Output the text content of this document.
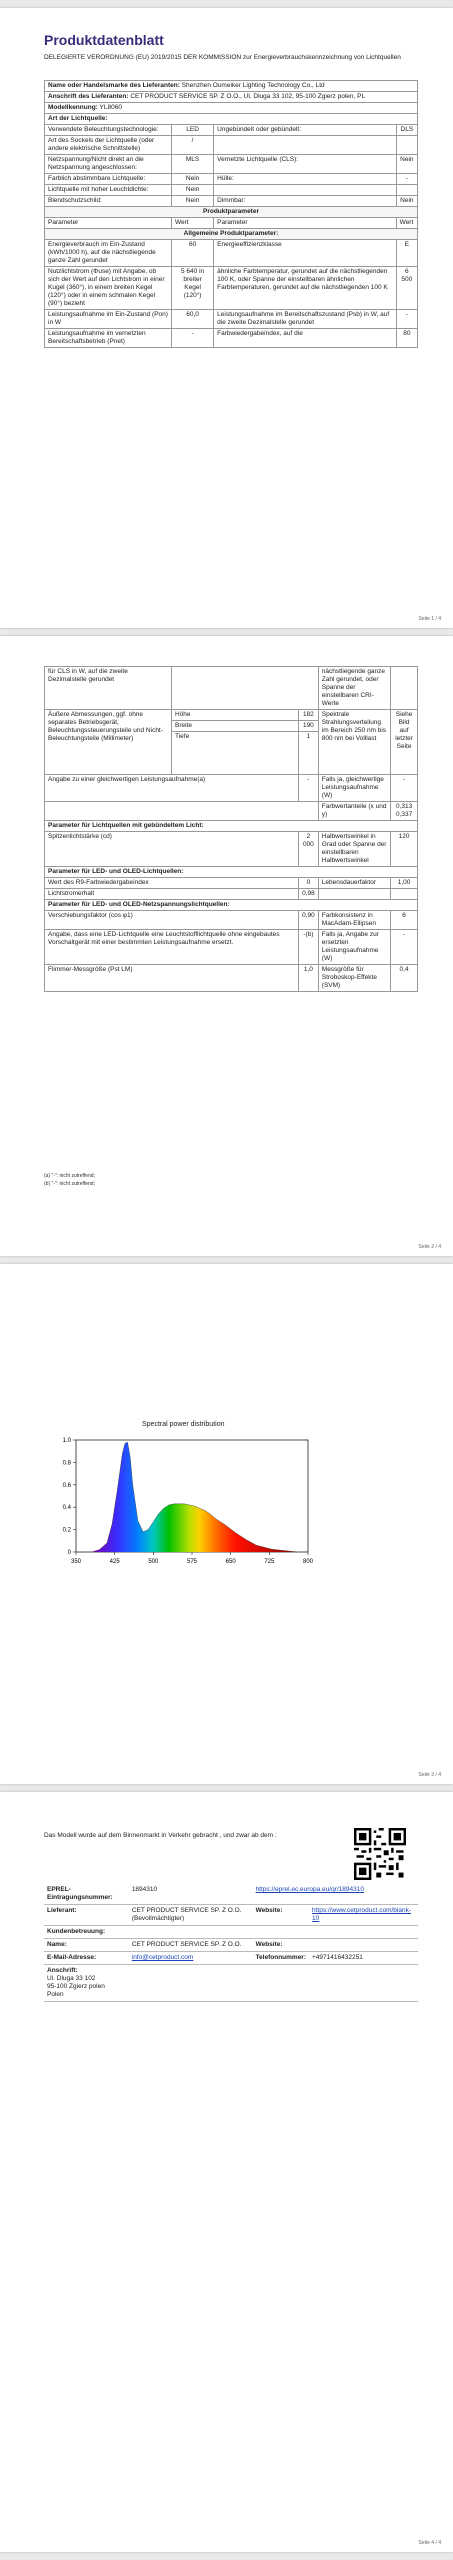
Produktdatenblatt
DELEGIERTE VERORDNUNG (EU) 2019/2015 DER KOMMISSION zur Energieverbrauchskennzeichnung von Lichtquellen
Name oder Handelsmarke des Lieferanten: Shenzhen Oumeiker Lighting Technology Co., Ltd			
Anschrift des Lieferanten: CET PRODUCT SERVICE SP. Z O.O., Ul. Dluga 33 102, 95-100 Zgierz polen, PL			
Modellkennung: YL8060			
Art der Lichtquelle:			
Verwendete Beleuchtungstechnologie:	LED	Ungebündelt oder gebündelt:	DLS
Art des Sockels der Lichtquelle (oder andere elektrische Schnittstelle)	/		
Netzspannung/Nicht direkt an die Netzspannung angeschlossen:	MLS	Vernetzte Lichtquelle (CLS):	Nein
Farblich abstimmbare Lichtquelle:	Nein	Hülle:	-
Lichtquelle mit hoher Leuchtdichte:	Nein		
Blendschutzschild:	Nein	Dimmbar:	Nein
Produktparameter			
Parameter	Wert	Parameter	Wert
Allgemeine Produktparameter:			
Energieverbrauch im Ein-Zustand (kWh/1000 h), auf die nächstliegende ganze Zahl gerundet	60	Energieeffizienzklasse	E
Nutzlichtstrom (Φuse) mit Angabe, ob sich der Wert auf den Lichtstrom in einer Kugel (360°), in einem breiten Kegel (120°) oder in einem schmalen Kegel (90°) bezieht	5 640 in breiter Kegel (120°)	ähnliche Farbtemperatur, gerundet auf die nächstliegenden 100 K, oder Spanne der einstellbaren ähnlichen Farbtemperaturen, gerundet auf die nächstliegenden 100 K	6 500
Leistungsaufnahme im Ein-Zustand (Pon) in W	60,0	Leistungsaufnahme im Bereitschaftszustand (Psb) in W, auf die zweite Dezimalstelle gerundet	-
Leistungsaufnahme im vernetzten Bereitschaftsbetrieb (Pnet)	-	Farbwiedergabeindex, auf die	80
Seite 1 / 4
für CLS in W, auf die zweite Dezimalstelle gerundet			nächstliegende ganze Zahl gerundet, oder Spanne der einstellbaren CRI-Werte	
Äußere Abmessungen, ggf. ohne separates Betriebsgerät, Beleuchtungssteuerungsteile und Nicht-Beleuchtungsteile (Millimeter)	Höhe	182	Spektrale Strahlungsverteilung im Bereich 250 nm bis 800 nm bei Volllast	Siehe Bild auf letzter Seite
	Breite	190		
	Tiefe	1		
Angabe zu einer gleichwertigen Leistungsaufnahme(a)		-	Falls ja, gleichwertige Leistungsaufnahme (W)	-
			Farbwertanteile (x und y)	0,313
0,337
Parameter für Lichtquellen mit gebündeltem Licht:				
Spitzenlichtstärke (cd)		2 000	Halbwertswinkel in Grad oder Spanne der einstellbaren Halbwertswinkel	120
Parameter für LED- und OLED-Lichtquellen:				
Wert des R9-Farbwiedergabeindex		0	Lebensdauerfaktor	1,00
Lichtstromerhalt		0,98		
Parameter für LED- und OLED-Netzspannungslichtquellen:				
Verschiebungsfaktor (cos φ1)		0,90	Farbkonsistenz in MacAdam-Ellipsen	6
Angabe, dass eine LED-Lichtquelle eine Leuchtstofflichtquelle ohne eingebautes Vorschaltgerät mit einer bestimmten Leistungsaufnahme ersetzt.		-(b)	Falls ja, Angabe zur ersetzten Leistungsaufnahme (W)	-
Flimmer-Messgröße (Pst LM)		1,0	Messgröße für Stroboskop-Effekte (SVM)	0,4
(a) "-": nicht zutreffend;
(b) "-": nicht zutreffend;
Seite 2 / 4
Seite 3 / 4
Spectral power distribution
0
0.2
0.4
0.6
0.8
1.0
350	425	500	575	650	725	800
Seite 4 / 4
Das Modell wurde auf dem Binnenmarkt in Verkehr gebracht , und zwar ab dem :
EPREL-Eintragungsnummer:	1894310	https://eprel.ec.europa.eu/qr/1894310	
Lieferant:	CET PRODUCT SERVICE SP. Z O.O. (Bevollmächtigter)	Website:	https://www.cetproduct.com/blank-10
Kundenbetreuung:			
Name:	CET PRODUCT SERVICE SP. Z O.O.	Website:	
E-Mail-Adresse:	info@cetproduct.com	Telefonnummer:	+4971416432251

Anschrift:
Ul. Dluga 33 102
95-100 Zgierz polen
Polen			
